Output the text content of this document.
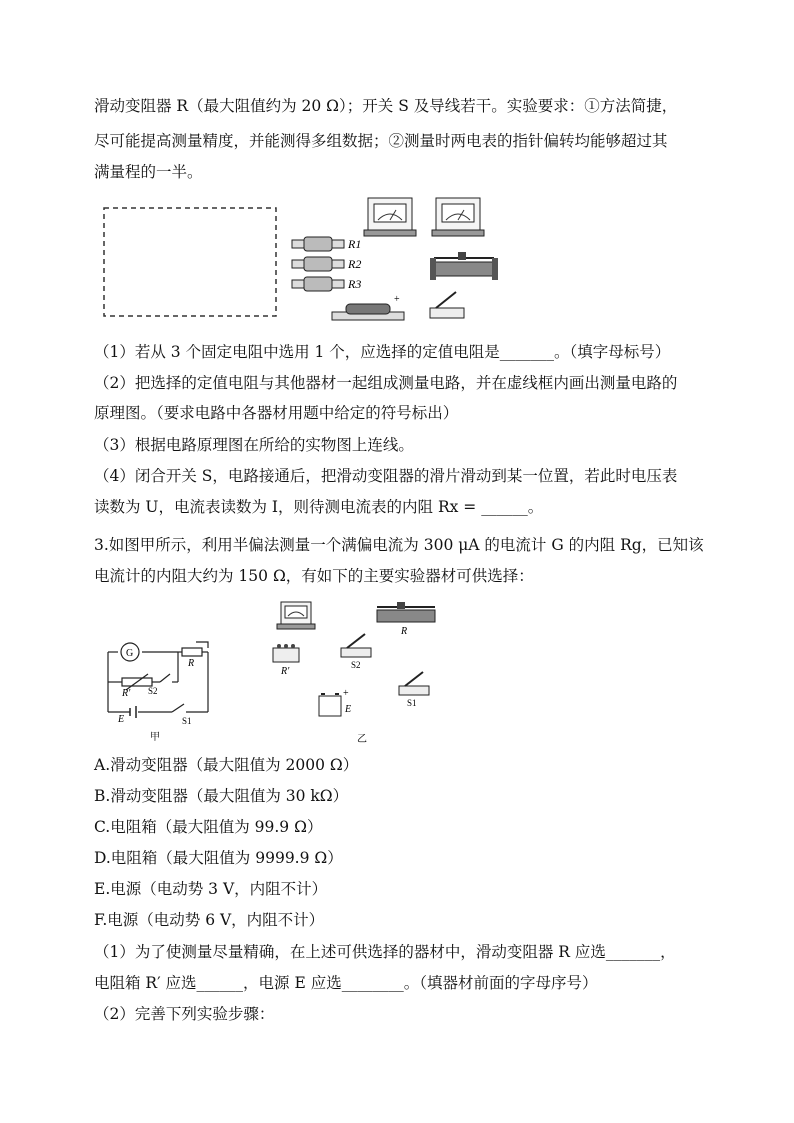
滑动变阻器 R（最大阻值约为 20 Ω）；开关 S 及导线若干。实验要求：①方法简捷，
尽可能提高测量精度，并能测得多组数据；②测量时两电表的指针偏转均能够超过其
满量程的一半。
R1
R2
R3
+
（1）若从 3 个固定电阻中选用 1 个，应选择的定值电阻是_______。（填字母标号）
（2）把选择的定值电阻与其他器材一起组成测量电路，并在虚线框内画出测量电路的
原理图。（要求电路中各器材用题中给定的符号标出）
（3）根据电路原理图在所给的实物图上连线。
（4）闭合开关 S，电路接通后，把滑动变阻器的滑片滑动到某一位置，若此时电压表
读数为 U，电流表读数为 I，则待测电流表的内阻 Rx = ______。
3.如图甲所示，利用半偏法测量一个满偏电流为 300 μA 的电流计 G 的内阻 Rg，已知该
电流计的内阻大约为 150 Ω，有如下的主要实验器材可供选择：
G
R
R' S2
E	S1
甲
R
R'
S2
+
E
S1
乙
A.滑动变阻器（最大阻值为 2000 Ω）
B.滑动变阻器（最大阻值为 30 kΩ）
C.电阻箱（最大阻值为 99.9 Ω）
D.电阻箱（最大阻值为 9999.9 Ω）
E.电源（电动势 3 V，内阻不计）
F.电源（电动势 6 V，内阻不计）
（1）为了使测量尽量精确，在上述可供选择的器材中，滑动变阻器 R 应选_______，
电阻箱 R′ 应选______，电源 E 应选________。（填器材前面的字母序号）
（2）完善下列实验步骤：
